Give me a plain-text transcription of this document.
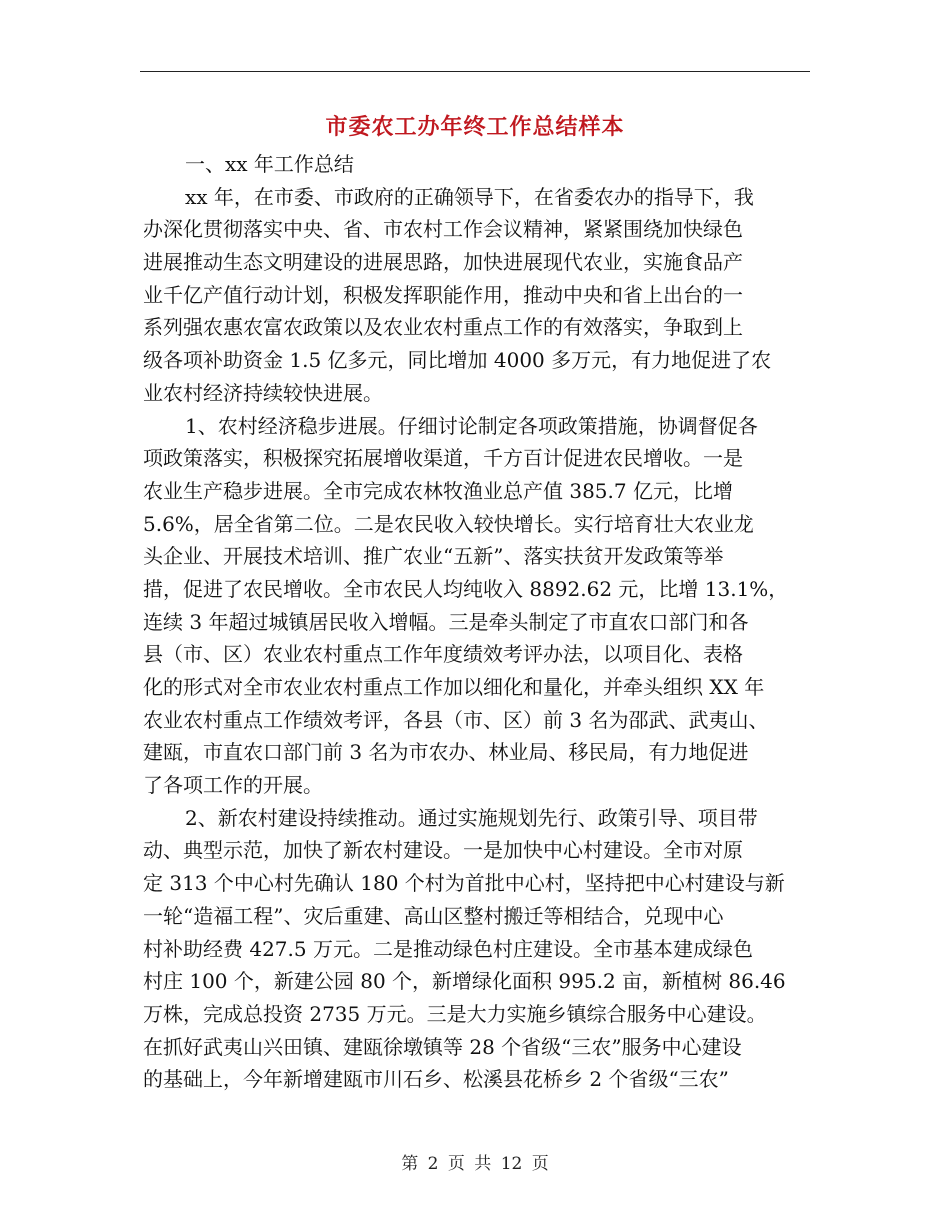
市委农工办年终工作总结样本
一、xx 年工作总结
xx 年，在市委、市政府的正确领导下，在省委农办的指导下，我
办深化贯彻落实中央、省、市农村工作会议精神，紧紧围绕加快绿色
进展推动生态文明建设的进展思路，加快进展现代农业，实施食品产
业千亿产值行动计划，积极发挥职能作用，推动中央和省上出台的一
系列强农惠农富农政策以及农业农村重点工作的有效落实，争取到上
级各项补助资金 1.5 亿多元，同比增加 4000 多万元，有力地促进了农
业农村经济持续较快进展。
1、农村经济稳步进展。仔细讨论制定各项政策措施，协调督促各
项政策落实，积极探究拓展增收渠道，千方百计促进农民增收。一是
农业生产稳步进展。全市完成农林牧渔业总产值 385.7 亿元，比增
5.6%，居全省第二位。二是农民收入较快增长。实行培育壮大农业龙
头企业、开展技术培训、推广农业“五新”、落实扶贫开发政策等举
措，促进了农民增收。全市农民人均纯收入 8892.62 元，比增 13.1%，
连续 3 年超过城镇居民收入增幅。三是牵头制定了市直农口部门和各
县（市、区）农业农村重点工作年度绩效考评办法，以项目化、表格
化的形式对全市农业农村重点工作加以细化和量化，并牵头组织 XX 年
农业农村重点工作绩效考评，各县（市、区）前 3 名为邵武、武夷山、
建瓯，市直农口部门前 3 名为市农办、林业局、移民局，有力地促进
了各项工作的开展。
2、新农村建设持续推动。通过实施规划先行、政策引导、项目带
动、典型示范，加快了新农村建设。一是加快中心村建设。全市对原
定 313 个中心村先确认 180 个村为首批中心村，坚持把中心村建设与新
一轮“造福工程”、灾后重建、高山区整村搬迁等相结合，兑现中心
村补助经费 427.5 万元。二是推动绿色村庄建设。全市基本建成绿色
村庄 100 个，新建公园 80 个，新增绿化面积 995.2 亩，新植树 86.46
万株，完成总投资 2735 万元。三是大力实施乡镇综合服务中心建设。
在抓好武夷山兴田镇、建瓯徐墩镇等 28 个省级“三农”服务中心建设
的基础上，今年新增建瓯市川石乡、松溪县花桥乡 2 个省级“三农”
第 2 页 共 12 页
